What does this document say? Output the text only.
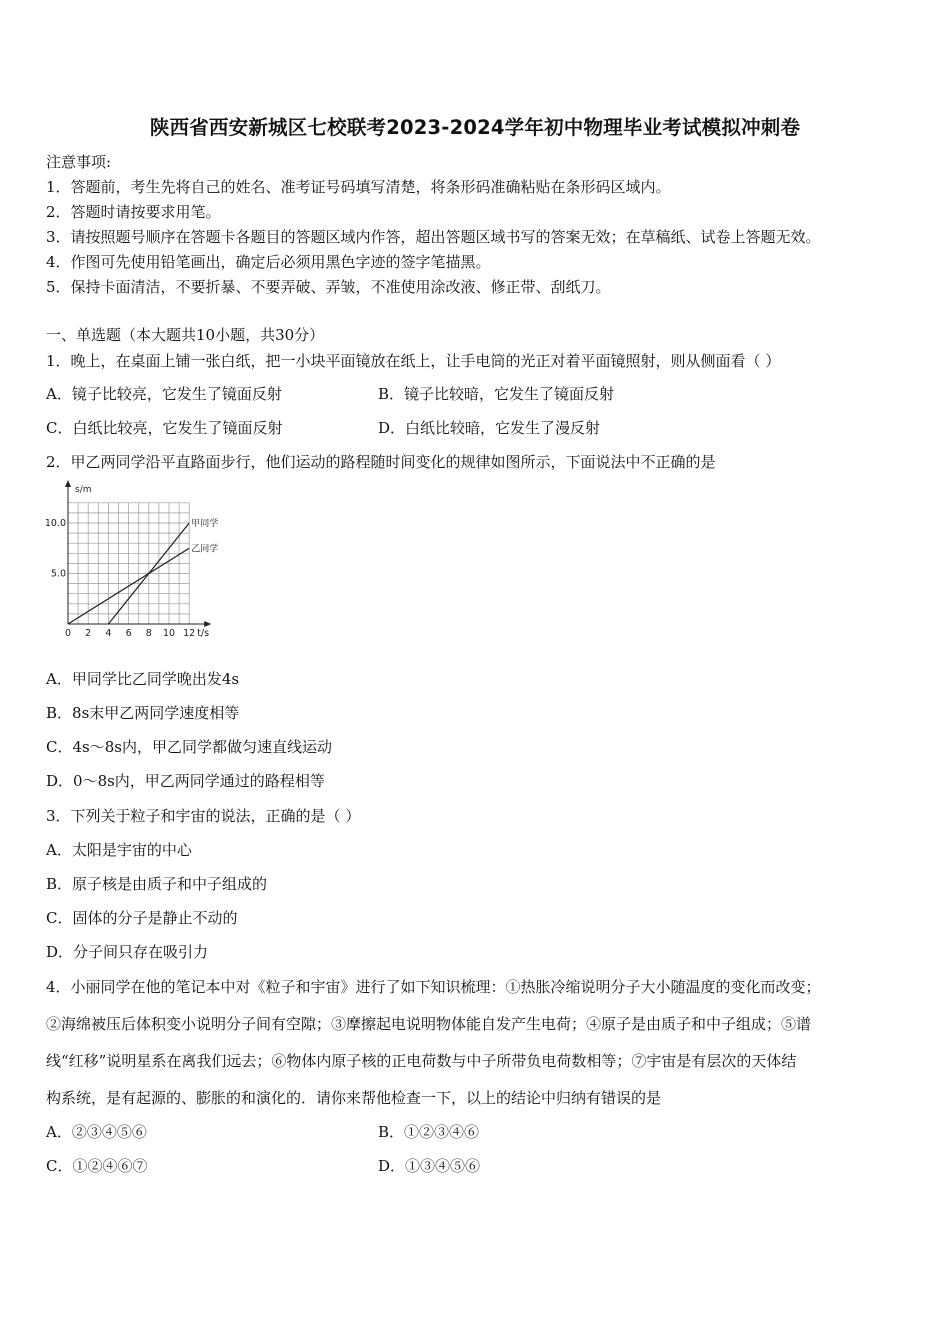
陕西省西安新城区七校联考2023-2024学年初中物理毕业考试模拟冲刺卷
注意事项:
1．答题前，考生先将自己的姓名、准考证号码填写清楚，将条形码准确粘贴在条形码区域内。
2．答题时请按要求用笔。
3．请按照题号顺序在答题卡各题目的答题区域内作答，超出答题区域书写的答案无效；在草稿纸、试卷上答题无效。
4．作图可先使用铅笔画出，确定后必须用黑色字迹的签字笔描黑。
5．保持卡面清洁，不要折暴、不要弄破、弄皱，不准使用涂改液、修正带、刮纸刀。
一、单选题（本大题共10小题，共30分）
1．晚上，在桌面上铺一张白纸，把一小块平面镜放在纸上，让手电筒的光正对着平面镜照射，则从侧面看（ ）
A．镜子比较亮，它发生了镜面反射	B．镜子比较暗，它发生了镜面反射
C．白纸比较亮，它发生了镜面反射	D．白纸比较暗，它发生了漫反射
2．甲乙两同学沿平直路面步行，他们运动的路程随时间变化的规律如图所示，下面说法中不正确的是
s/m
0 2 4 6 8 10 12 t/s
5.0
10.0	甲同学
乙同学
A．甲同学比乙同学晚出发4s
B．8s末甲乙两同学速度相等
C．4s～8s内，甲乙同学都做匀速直线运动
D．0～8s内，甲乙两同学通过的路程相等
3．下列关于粒子和宇宙的说法，正确的是（ ）
A．太阳是宇宙的中心
B．原子核是由质子和中子组成的
C．固体的分子是静止不动的
D．分子间只存在吸引力
4．小丽同学在他的笔记本中对《粒子和宇宙》进行了如下知识梳理：①热胀冷缩说明分子大小随温度的变化而改变；
②海绵被压后体积变小说明分子间有空隙；③摩擦起电说明物体能自发产生电荷；④原子是由质子和中子组成；⑤谱
线“红移”说明星系在离我们远去；⑥物体内原子核的正电荷数与中子所带负电荷数相等；⑦宇宙是有层次的天体结
构系统，是有起源的、膨胀的和演化的．请你来帮他检查一下，以上的结论中归纳有错误的是
A．②③④⑤⑥	B．①②③④⑥
C．①②④⑥⑦	D．①③④⑤⑥
